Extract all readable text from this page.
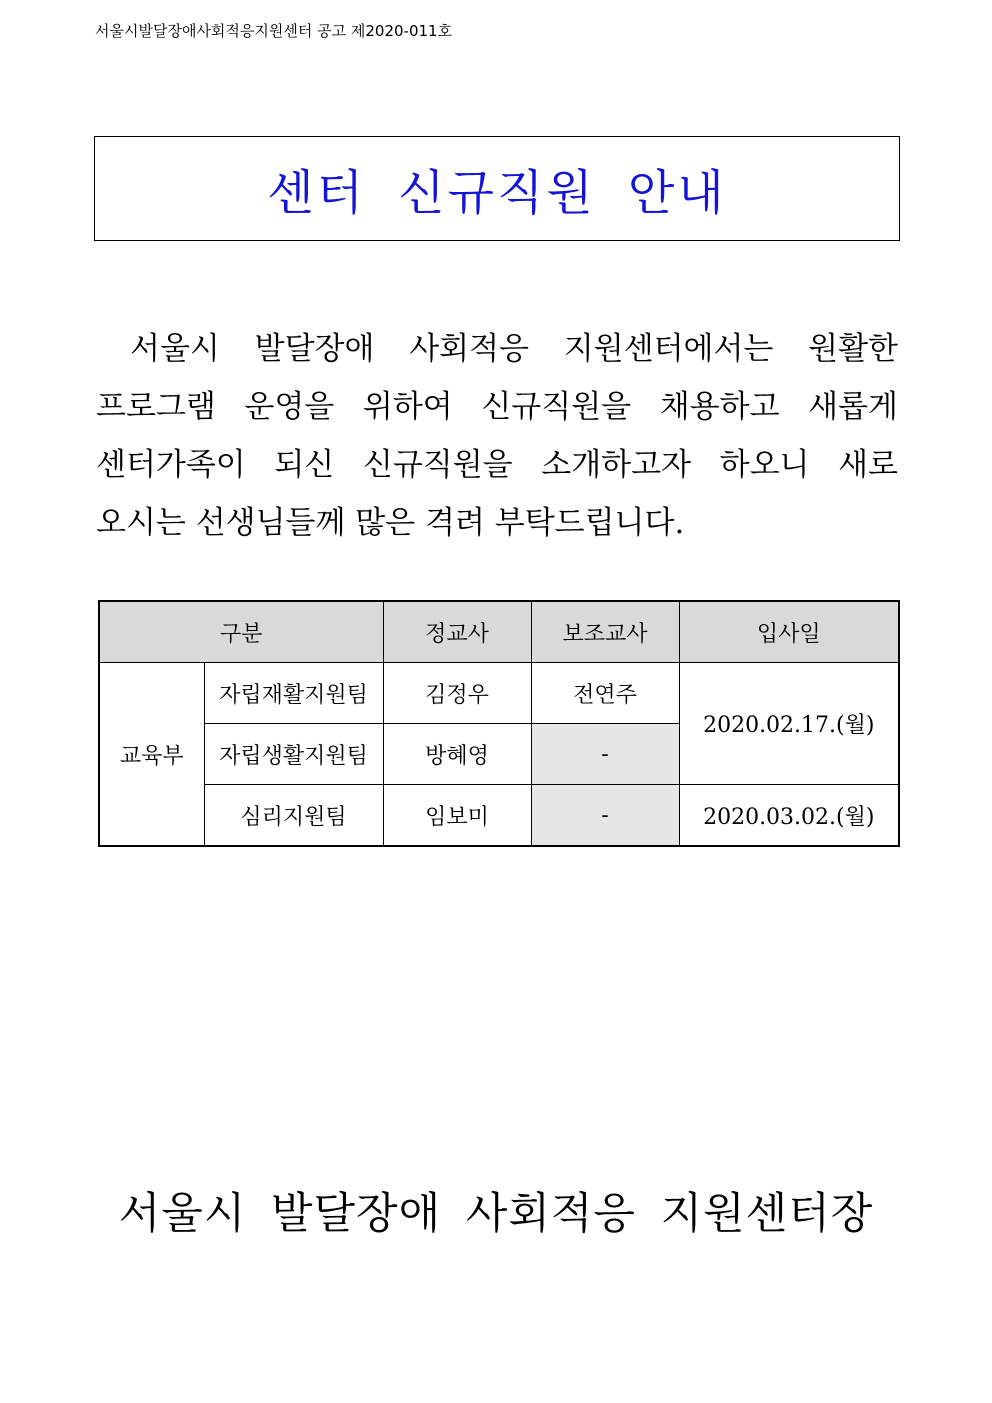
서울시발달장애사회적응지원센터 공고 제2020-011호
센터 신규직원 안내

서울시 발달장애 사회적응 지원센터에서는 원활한 프로그램 운영을 위하여 신규직원을 채용하고 새롭게 센터가족이 되신 신규직원을 소개하고자 하오니 새로 오시는 선생님들께 많은 격려 부탁드립니다.

구분		정교사	보조교사	입사일
교육부	자립재활지원팀	김정우	전연주	2020.02.17.(월)
	자립생활지원팀	방혜영	-	
	심리지원팀	임보미	-	2020.03.02.(월)
서울시 발달장애 사회적응 지원센터장
